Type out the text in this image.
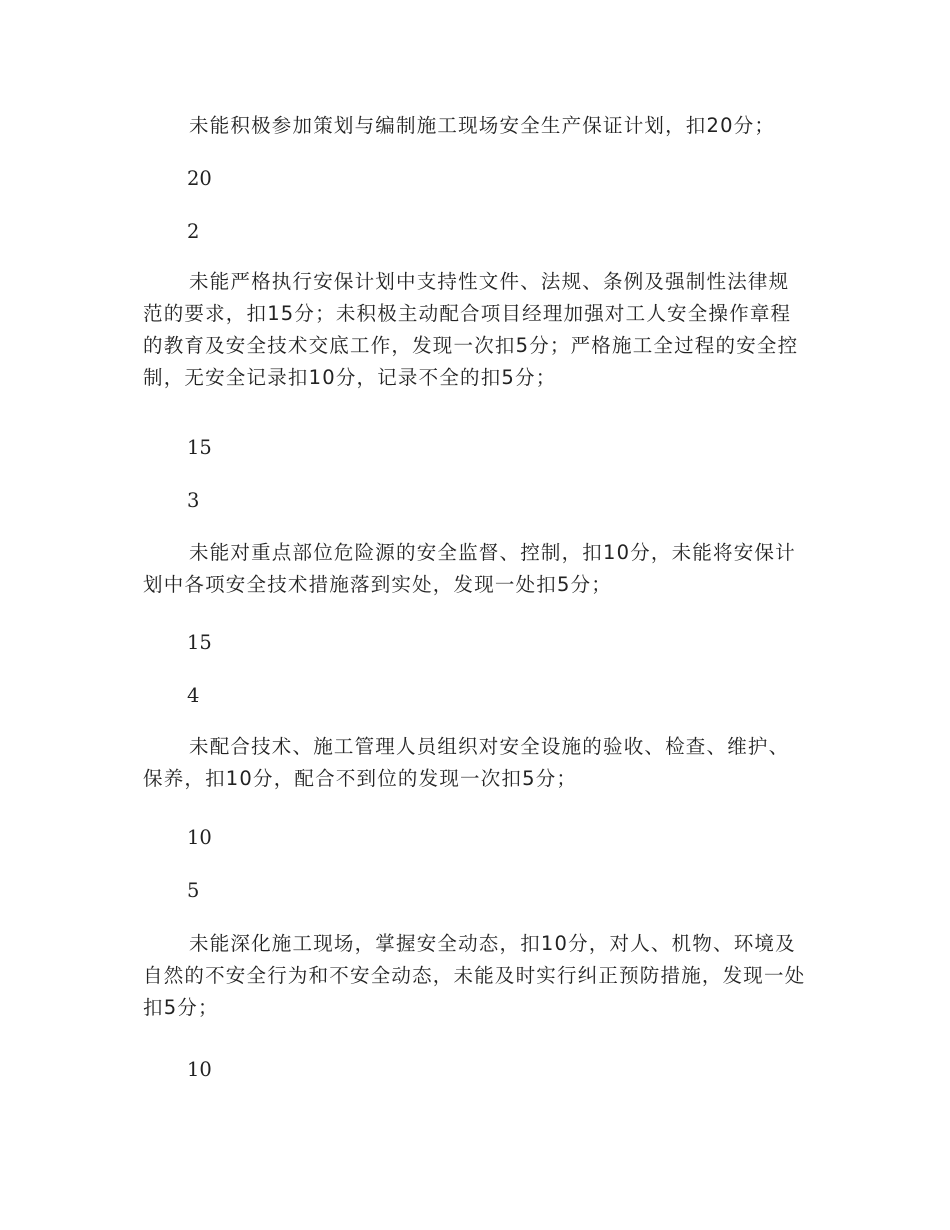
未能积极参加策划与编制施工现场安全生产保证计划，扣20分；

20

2

未能严格执行安保计划中支持性文件、法规、条例及强制性法律规范的要求，扣15分；未积极主动配合项目经理加强对工人安全操作章程的教育及安全技术交底工作，发现一次扣5分；严格施工全过程的安全控制，无安全记录扣10分，记录不全的扣5分；

15

3

未能对重点部位危险源的安全监督、控制，扣10分，未能将安保计划中各项安全技术措施落到实处，发现一处扣5分；

15

4

未配合技术、施工管理人员组织对安全设施的验收、检查、维护、保养，扣10分，配合不到位的发现一次扣5分；

10

5

未能深化施工现场，掌握安全动态，扣10分，对人、机物、环境及自然的不安全行为和不安全动态，未能及时实行纠正预防措施，发现一处扣5分；

10
